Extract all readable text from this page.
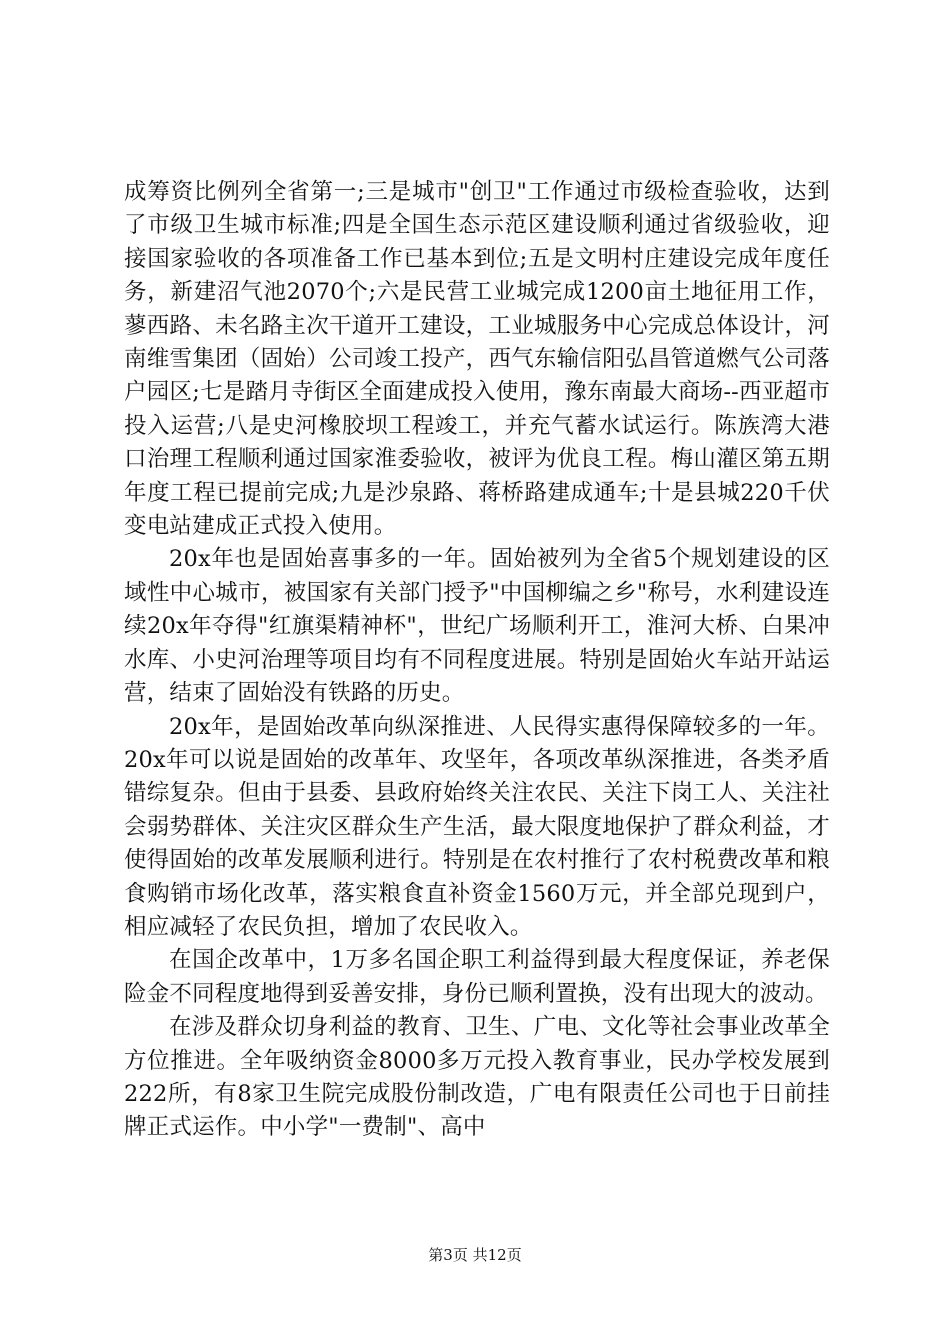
成筹资比例列全省第一;三是城市"创卫"工作通过市级检查验收，达到了市级卫生城市标准;四是全国生态示范区建设顺利通过省级验收，迎接国家验收的各项准备工作已基本到位;五是文明村庄建设完成年度任务，新建沼气池2070个;六是民营工业城完成1200亩土地征用工作，蓼西路、未名路主次干道开工建设，工业城服务中心完成总体设计，河南维雪集团（固始）公司竣工投产，西气东输信阳弘昌管道燃气公司落户园区;七是踏月寺街区全面建成投入使用，豫东南最大商场--西亚超市投入运营;八是史河橡胶坝工程竣工，并充气蓄水试运行。陈族湾大港口治理工程顺利通过国家淮委验收，被评为优良工程。梅山灌区第五期年度工程已提前完成;九是沙泉路、蒋桥路建成通车;十是县城220千伏变电站建成正式投入使用。

20x年也是固始喜事多的一年。固始被列为全省5个规划建设的区域性中心城市，被国家有关部门授予"中国柳编之乡"称号，水利建设连续20x年夺得"红旗渠精神杯"，世纪广场顺利开工，淮河大桥、白果冲水库、小史河治理等项目均有不同程度进展。特别是固始火车站开站运营，结束了固始没有铁路的历史。

20x年，是固始改革向纵深推进、人民得实惠得保障较多的一年。20x年可以说是固始的改革年、攻坚年，各项改革纵深推进，各类矛盾错综复杂。但由于县委、县政府始终关注农民、关注下岗工人、关注社会弱势群体、关注灾区群众生产生活，最大限度地保护了群众利益，才使得固始的改革发展顺利进行。特别是在农村推行了农村税费改革和粮食购销市场化改革，落实粮食直补资金1560万元，并全部兑现到户，相应减轻了农民负担，增加了农民收入。

在国企改革中，1万多名国企职工利益得到最大程度保证，养老保险金不同程度地得到妥善安排，身份已顺利置换，没有出现大的波动。

在涉及群众切身利益的教育、卫生、广电、文化等社会事业改革全方位推进。全年吸纳资金8000多万元投入教育事业，民办学校发展到222所，有8家卫生院完成股份制改造，广电有限责任公司也于日前挂牌正式运作。中小学"一费制"、高中

第3页 共12页
